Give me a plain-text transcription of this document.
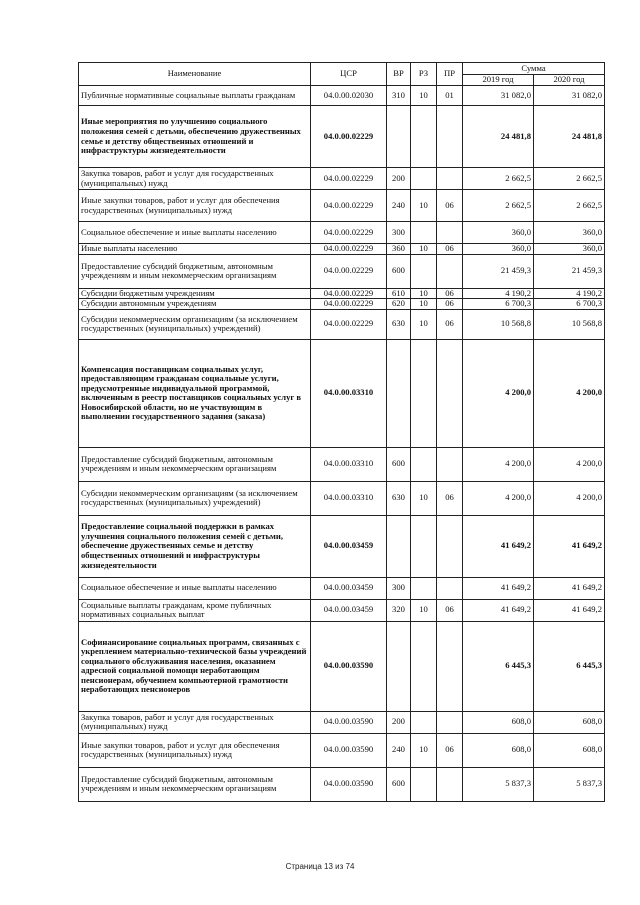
Наименование	ЦСР	ВР	РЗ	ПР	Сумма	
					2019 год	2020 год
Публичные нормативные социальные выплаты гражданам	04.0.00.02030	310	10	01	31 082,0	31 082,0
Иные мероприятия по улучшению социального положения семей с детьми, обеспечению дружественных семье и детству общественных отношений и инфраструктуры жизнедеятельности	04.0.00.02229				24 481,8	24 481,8
Закупка товаров, работ и услуг для государственных (муниципальных) нужд	04.0.00.02229	200			2 662,5	2 662,5
Иные закупки товаров, работ и услуг для обеспечения государственных (муниципальных) нужд	04.0.00.02229	240	10	06	2 662,5	2 662,5
Социальное обеспечение и иные выплаты населению	04.0.00.02229	300			360,0	360,0
Иные выплаты населению	04.0.00.02229	360	10	06	360,0	360,0
Предоставление субсидий бюджетным, автономным учреждениям и иным некоммерческим организациям	04.0.00.02229	600			21 459,3	21 459,3
Субсидии бюджетным учреждениям	04.0.00.02229	610	10	06	4 190,2	4 190,2
Субсидии автономным учреждениям	04.0.00.02229	620	10	06	6 700,3	6 700,3
Субсидии некоммерческим организациям (за исключением государственных (муниципальных) учреждений)	04.0.00.02229	630	10	06	10 568,8	10 568,8
Компенсация поставщикам социальных услуг, предоставляющим гражданам социальные услуги, предусмотренные индивидуальной программой, включенным в реестр поставщиков социальных услуг в Новосибирской области, но не участвующим в выполнении государственного задания (заказа)	04.0.00.03310				4 200,0	4 200,0
Предоставление субсидий бюджетным, автономным учреждениям и иным некоммерческим организациям	04.0.00.03310	600			4 200,0	4 200,0
Субсидии некоммерческим организациям (за исключением государственных (муниципальных) учреждений)	04.0.00.03310	630	10	06	4 200,0	4 200,0
Предоставление социальной поддержки в рамках улучшения социального положения семей с детьми, обеспечение дружественных семье и детству общественных отношений и инфраструктуры жизнедеятельности	04.0.00.03459				41 649,2	41 649,2
Социальное обеспечение и иные выплаты населению	04.0.00.03459	300			41 649,2	41 649,2
Социальные выплаты гражданам, кроме публичных нормативных социальных выплат	04.0.00.03459	320	10	06	41 649,2	41 649,2
Софинансирование социальных программ, связанных с укреплением материально-технической базы учреждений социального обслуживания населения, оказанием адресной социальной помощи неработающим пенсионерам, обучением компьютерной грамотности неработающих пенсионеров	04.0.00.03590				6 445,3	6 445,3
Закупка товаров, работ и услуг для государственных (муниципальных) нужд	04.0.00.03590	200			608,0	608,0
Иные закупки товаров, работ и услуг для обеспечения государственных (муниципальных) нужд	04.0.00.03590	240	10	06	608,0	608,0
Предоставление субсидий бюджетным, автономным учреждениям и иным некоммерческим организациям	04.0.00.03590	600			5 837,3	5 837,3
Страница 13 из 74
